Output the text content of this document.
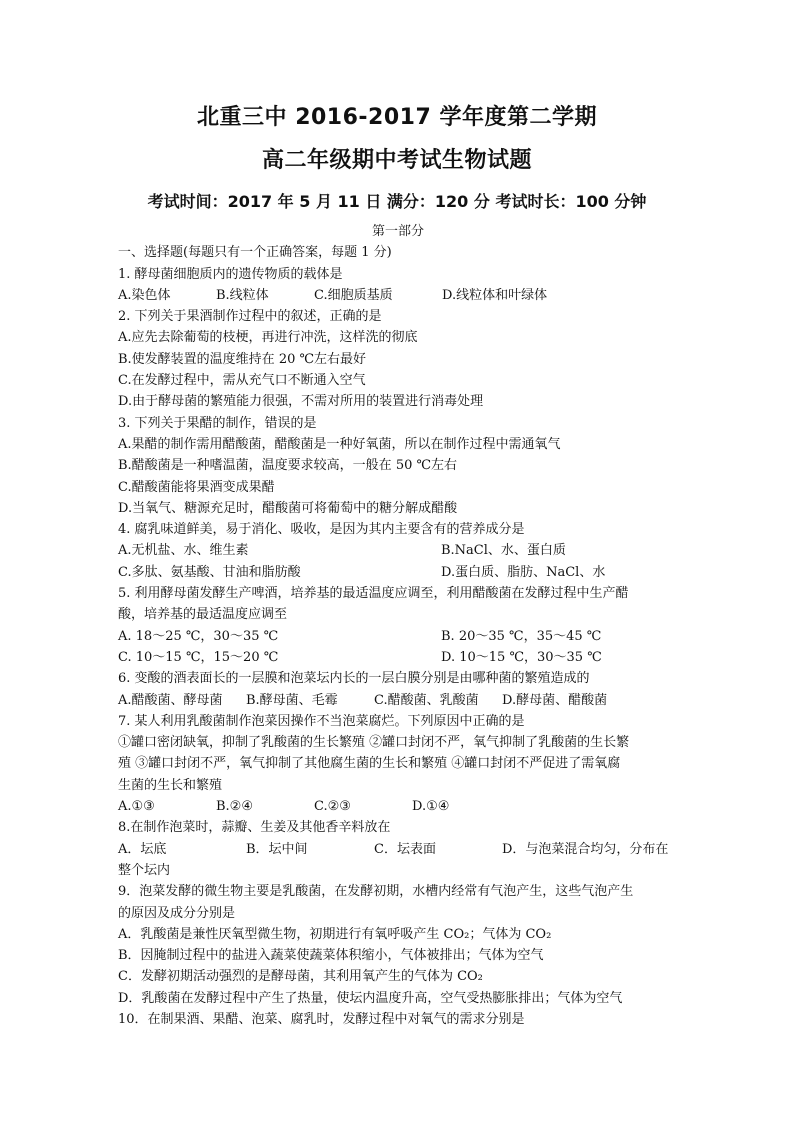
北重三中 2016-2017 学年度第二学期
高二年级期中考试生物试题
考试时间：2017 年 5 月 11 日 满分：120 分 考试时长：100 分钟
第一部分
一、选择题(每题只有一个正确答案，每题 1 分)
1. 酵母菌细胞质内的遗传物质的载体是
A.染色体	B.线粒体	C.细胞质基质	D.线粒体和叶绿体
2. 下列关于果酒制作过程中的叙述，正确的是
A.应先去除葡萄的枝梗，再进行冲洗，这样洗的彻底
B.使发酵装置的温度维持在 20 ℃左右最好
C.在发酵过程中，需从充气口不断通入空气
D.由于酵母菌的繁殖能力很强，不需对所用的装置进行消毒处理
3. 下列关于果醋的制作，错误的是
A.果醋的制作需用醋酸菌，醋酸菌是一种好氧菌，所以在制作过程中需通氧气
B.醋酸菌是一种嗜温菌，温度要求较高，一般在 50 ℃左右
C.醋酸菌能将果酒变成果醋
D.当氧气、糖源充足时，醋酸菌可将葡萄中的糖分解成醋酸
4. 腐乳味道鲜美，易于消化、吸收，是因为其内主要含有的营养成分是
A.无机盐、水、维生素	B.NaCl、水、蛋白质
C.多肽、氨基酸、甘油和脂肪酸	D.蛋白质、脂肪、NaCl、水
5. 利用酵母菌发酵生产啤酒，培养基的最适温度应调至，利用醋酸菌在发酵过程中生产醋
酸，培养基的最适温度应调至
A. 18～25 ℃，30～35 ℃	B. 20～35 ℃，35～45 ℃
C. 10～15 ℃，15～20 ℃	D. 10～15 ℃，30～35 ℃
6. 变酸的酒表面长的一层膜和泡菜坛内长的一层白膜分别是由哪种菌的繁殖造成的
A.醋酸菌、酵母菌	B.酵母菌、毛霉	C.醋酸菌、乳酸菌	D.酵母菌、醋酸菌
7. 某人利用乳酸菌制作泡菜因操作不当泡菜腐烂。下列原因中正确的是
①罐口密闭缺氧，抑制了乳酸菌的生长繁殖 ②罐口封闭不严，氧气抑制了乳酸菌的生长繁
殖 ③罐口封闭不严，氧气抑制了其他腐生菌的生长和繁殖 ④罐口封闭不严促进了需氧腐
生菌的生长和繁殖
A.①③	B.②④	C.②③	D.①④
8.在制作泡菜时，蒜瓣、生姜及其他香辛料放在
A．坛底	B．坛中间	C．坛表面	D．与泡菜混合均匀，分布在
整个坛内
9．泡菜发酵的微生物主要是乳酸菌，在发酵初期，水槽内经常有气泡产生，这些气泡产生
的原因及成分分别是
A．乳酸菌是兼性厌氧型微生物，初期进行有氧呼吸产生 CO₂；气体为 CO₂
B．因腌制过程中的盐进入蔬菜使蔬菜体积缩小，气体被排出；气体为空气
C．发酵初期活动强烈的是酵母菌，其利用氧产生的气体为 CO₂
D．乳酸菌在发酵过程中产生了热量，使坛内温度升高，空气受热膨胀排出；气体为空气
10．在制果酒、果醋、泡菜、腐乳时，发酵过程中对氧气的需求分别是
